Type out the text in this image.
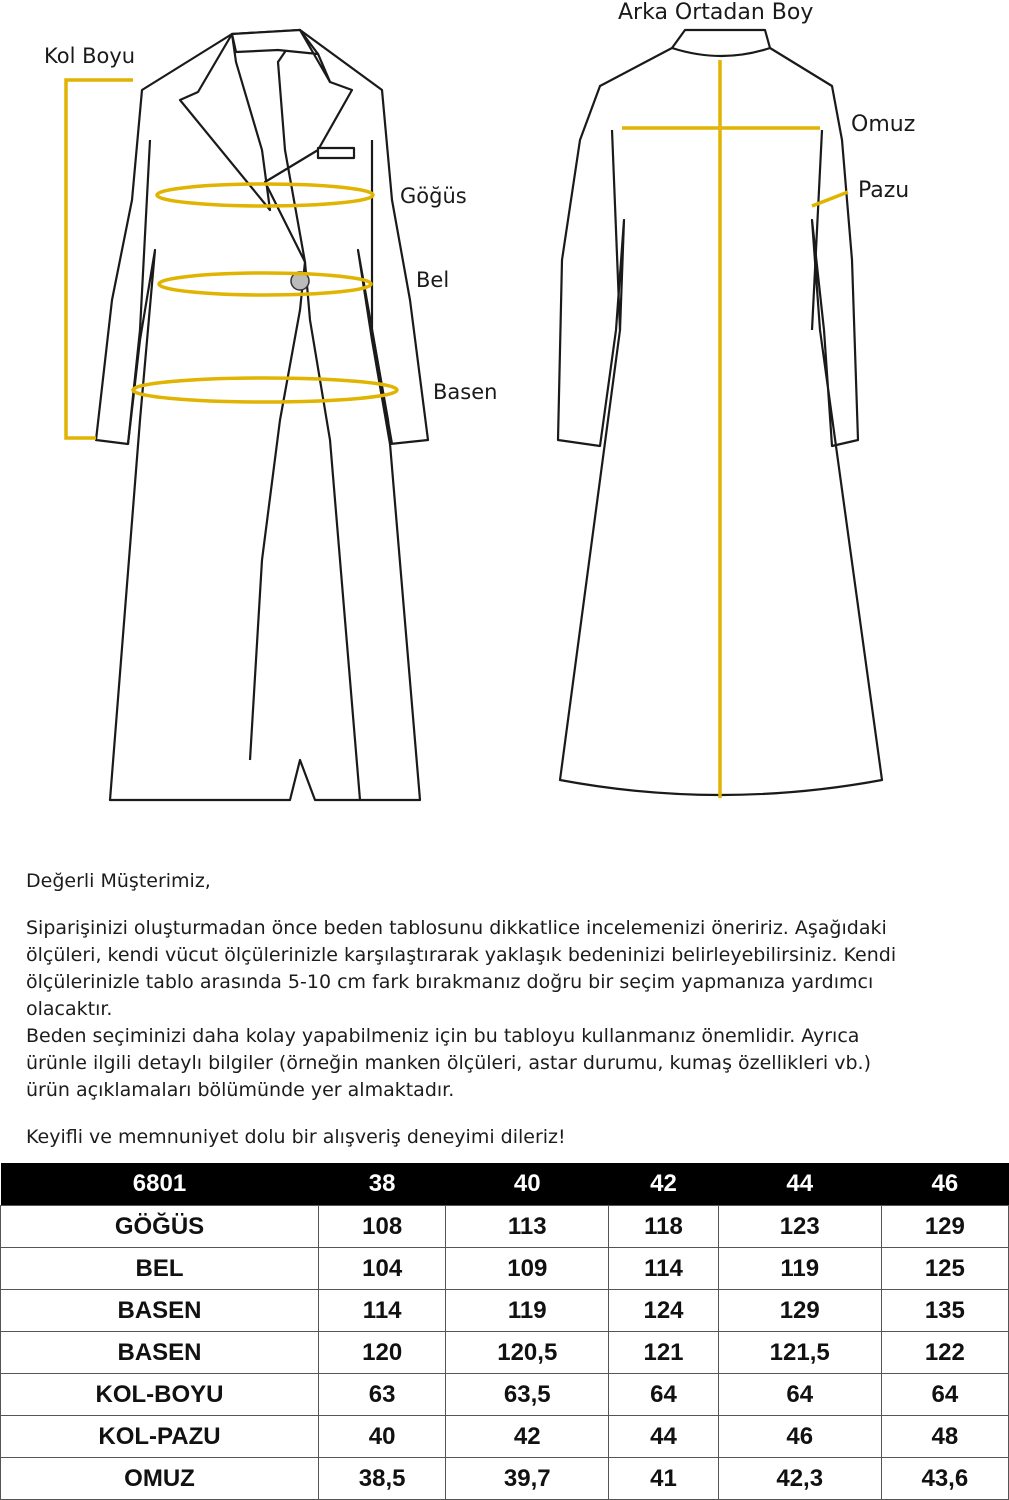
Kol Boyu
Göğüs
Bel
Basen
Arka Ortadan Boy
Omuz
Pazu

Değerli Müşterimiz,

Siparişinizi oluşturmadan önce beden tablosunu dikkatlice incelemenizi öneririz. Aşağıdaki

ölçüleri, kendi vücut ölçülerinizle karşılaştırarak yaklaşık bedeninizi belirleyebilirsiniz. Kendi

ölçülerinizle tablo arasında 5-10 cm fark bırakmanız doğru bir seçim yapmanıza yardımcı

olacaktır.

Beden seçiminizi daha kolay yapabilmeniz için bu tabloyu kullanmanız önemlidir. Ayrıca

ürünle ilgili detaylı bilgiler (örneğin manken ölçüleri, astar durumu, kumaş özellikleri vb.)

ürün açıklamaları bölümünde yer almaktadır.

Keyifli ve memnuniyet dolu bir alışveriş deneyimi dileriz!

6801	38	40	42	44	46
GÖĞÜS	108	113	118	123	129
BEL	104	109	114	119	125
BASEN	114	119	124	129	135
BASEN	120	120,5	121	121,5	122
KOL-BOYU	63	63,5	64	64	64
KOL-PAZU	40	42	44	46	48
OMUZ	38,5	39,7	41	42,3	43,6
